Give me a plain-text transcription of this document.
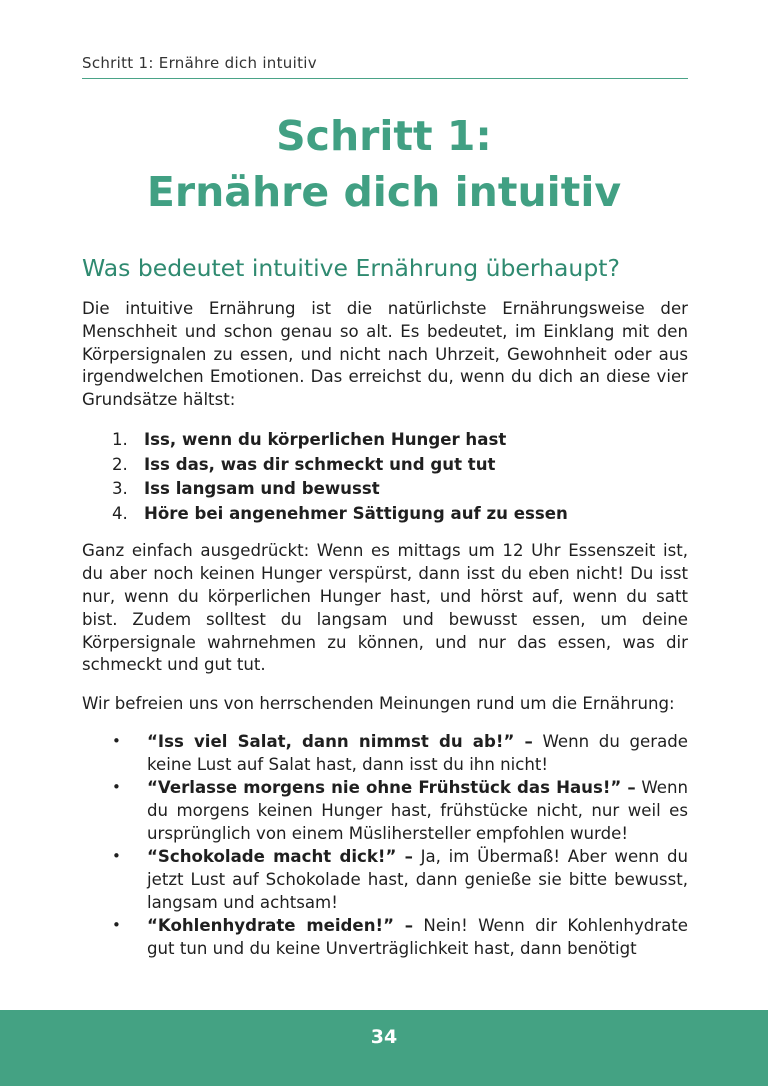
Schritt 1: Ernähre dich intuitiv
Schritt 1:
Ernähre dich intuitiv
Was bedeutet intuitive Ernährung überhaupt?

Die intuitive Ernährung ist die natürlichste Ernährungsweise der Menschheit und schon genau so alt. Es bedeutet, im Einklang mit den Körpersignalen zu essen, und nicht nach Uhrzeit, Gewohnheit oder aus irgendwelchen Emotionen. Das erreichst du, wenn du dich an diese vier Grundsätze hältst:

1. Iss, wenn du körperlichen Hunger hast
2. Iss das, was dir schmeckt und gut tut
3. Iss langsam und bewusst
4. Höre bei angenehmer Sättigung auf zu essen

Ganz einfach ausgedrückt: Wenn es mittags um 12 Uhr Essenszeit ist, du aber noch keinen Hunger verspürst, dann isst du eben nicht! Du isst nur, wenn du körperlichen Hunger hast, und hörst auf, wenn du satt bist. Zudem solltest du langsam und bewusst essen, um deine Körpersignale wahrnehmen zu können, und nur das essen, was dir schmeckt und gut tut.

Wir befreien uns von herrschenden Meinungen rund um die Ernährung:

•	“Iss viel Salat, dann nimmst du ab!” – Wenn du gerade keine Lust auf Salat hast, dann isst du ihn nicht!
•	“Verlasse morgens nie ohne Frühstück das Haus!” – Wenn du morgens keinen Hunger hast, frühstücke nicht, nur weil es ursprünglich von einem Müslihersteller empfohlen wurde!
•	“Schokolade macht dick!” – Ja, im Übermaß! Aber wenn du jetzt Lust auf Schokolade hast, dann genieße sie bitte bewusst, langsam und achtsam!
•	“Kohlenhydrate meiden!” – Nein! Wenn dir Kohlenhydrate gut tun und du keine Unverträglichkeit hast, dann benötigt
34
